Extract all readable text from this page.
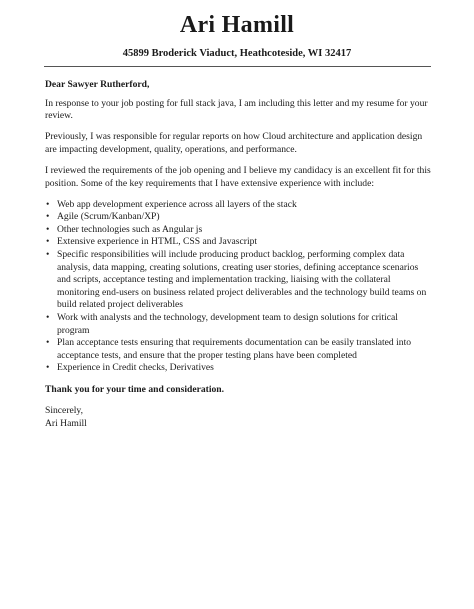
Ari Hamill
45899 Broderick Viaduct, Heathcoteside, WI 32417

Dear Sawyer Rutherford,

In response to your job posting for full stack java, I am including this letter and my resume for your review.

Previously, I was responsible for regular reports on how Cloud architecture and application design are impacting development, quality, operations, and performance.

I reviewed the requirements of the job opening and I believe my candidacy is an excellent fit for this position. Some of the key requirements that I have extensive experience with include:

• Web app development experience across all layers of the stack
• Agile (Scrum/Kanban/XP)
• Other technologies such as Angular js
• Extensive experience in HTML, CSS and Javascript
• Specific responsibilities will include producing product backlog, performing complex data analysis, data mapping, creating solutions, creating user stories, defining acceptance scenarios and scripts, acceptance testing and implementation tracking, liaising with the collateral monitoring end-users on business related project deliverables and the technology build teams on build related project deliverables
• Work with analysts and the technology, development team to design solutions for critical program
• Plan acceptance tests ensuring that requirements documentation can be easily translated into acceptance tests, and ensure that the proper testing plans have been completed
• Experience in Credit checks, Derivatives

Thank you for your time and consideration.

Sincerely,

Ari Hamill
